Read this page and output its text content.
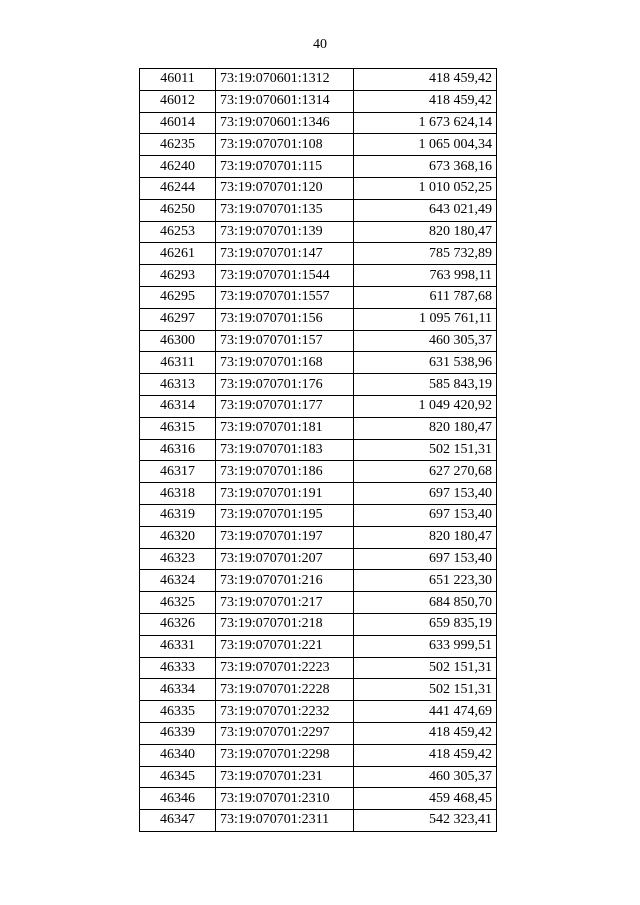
40
46011	73:19:070601:1312	418 459,42
46012	73:19:070601:1314	418 459,42
46014	73:19:070601:1346	1 673 624,14
46235	73:19:070701:108	1 065 004,34
46240	73:19:070701:115	673 368,16
46244	73:19:070701:120	1 010 052,25
46250	73:19:070701:135	643 021,49
46253	73:19:070701:139	820 180,47
46261	73:19:070701:147	785 732,89
46293	73:19:070701:1544	763 998,11
46295	73:19:070701:1557	611 787,68
46297	73:19:070701:156	1 095 761,11
46300	73:19:070701:157	460 305,37
46311	73:19:070701:168	631 538,96
46313	73:19:070701:176	585 843,19
46314	73:19:070701:177	1 049 420,92
46315	73:19:070701:181	820 180,47
46316	73:19:070701:183	502 151,31
46317	73:19:070701:186	627 270,68
46318	73:19:070701:191	697 153,40
46319	73:19:070701:195	697 153,40
46320	73:19:070701:197	820 180,47
46323	73:19:070701:207	697 153,40
46324	73:19:070701:216	651 223,30
46325	73:19:070701:217	684 850,70
46326	73:19:070701:218	659 835,19
46331	73:19:070701:221	633 999,51
46333	73:19:070701:2223	502 151,31
46334	73:19:070701:2228	502 151,31
46335	73:19:070701:2232	441 474,69
46339	73:19:070701:2297	418 459,42
46340	73:19:070701:2298	418 459,42
46345	73:19:070701:231	460 305,37
46346	73:19:070701:2310	459 468,45
46347	73:19:070701:2311	542 323,41
